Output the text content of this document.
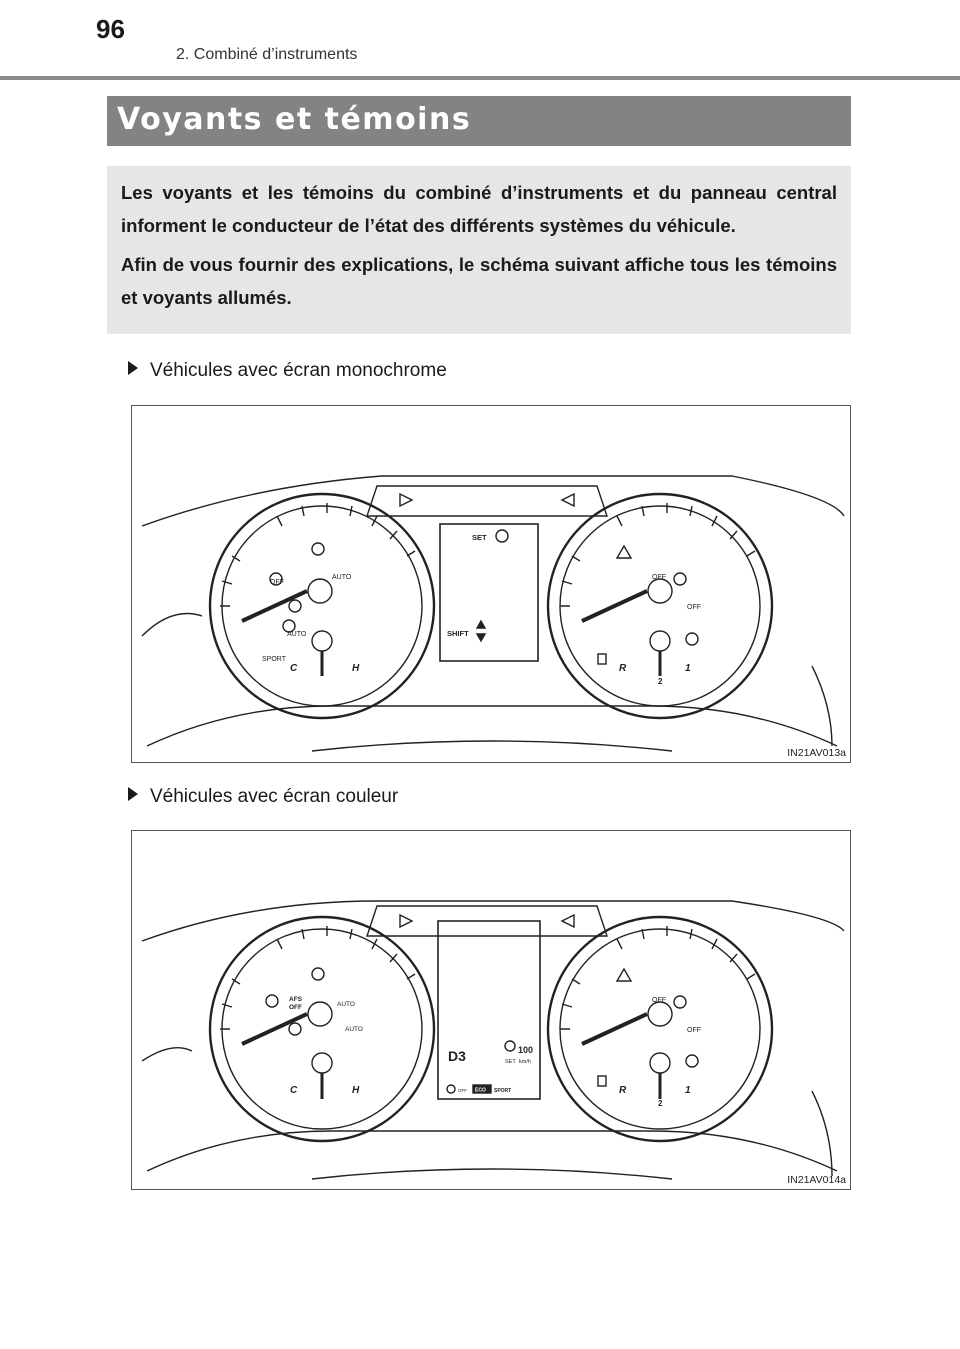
96
2. Combiné d’instruments
Voyants et témoins

Les voyants et les témoins du combiné d’instruments et du panneau central informent le conducteur de l’état des différents systèmes du véhicule.

Afin de vous fournir des explications, le schéma suivant affiche tous les témoins et voyants allumés.

Véhicules avec écran monochrome
OFF
AUTO
AUTO
SPORT
C	H
SET
SHIFT
OFF
OFF
R	1
2
IN21AV013a
Véhicules avec écran couleur
AFS
OFF	AUTO
AUTO
C	H
D3	100
SET km/h
OFF ECO SPORT
OFF
OFF
R	1
2
IN21AV014a
